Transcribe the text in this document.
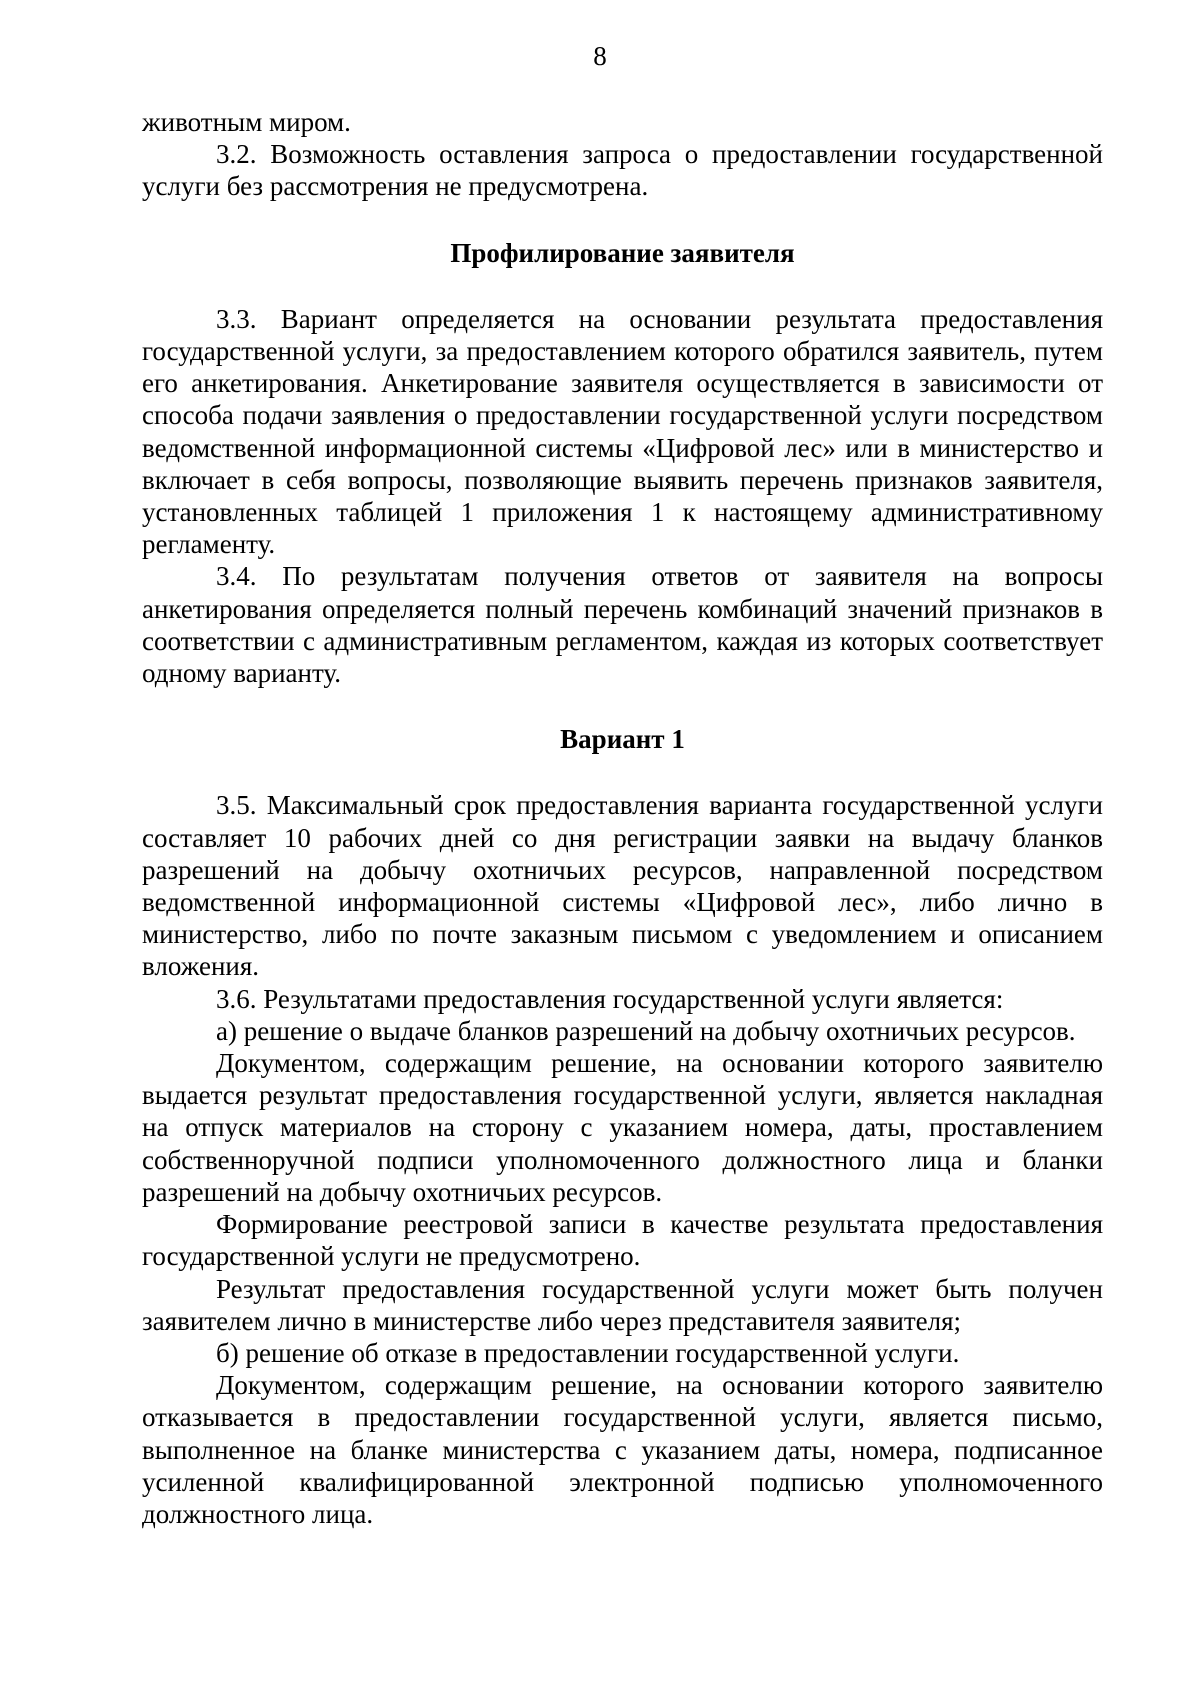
8

животным миром.

3.2. Возможность оставления запроса о предоставлении государственной услуги без рассмотрения не предусмотрена.

Профилирование заявителя

3.3. Вариант определяется на основании результата предоставления государственной услуги, за предоставлением которого обратился заявитель, путем его анкетирования. Анкетирование заявителя осуществляется в зависимости от способа подачи заявления о предоставлении государственной услуги посредством ведомственной информационной системы «Цифровой лес» или в министерство и включает в себя вопросы, позволяющие выявить перечень признаков заявителя, установленных таблицей 1 приложения 1 к настоящему административному регламенту.

3.4. По результатам получения ответов от заявителя на вопросы анкетирования определяется полный перечень комбинаций значений признаков в соответствии с административным регламентом, каждая из которых соответствует одному варианту.

Вариант 1

3.5. Максимальный срок предоставления варианта государственной услуги составляет 10 рабочих дней со дня регистрации заявки на выдачу бланков разрешений на добычу охотничьих ресурсов, направленной посредством ведомственной информационной системы «Цифровой лес», либо лично в министерство, либо по почте заказным письмом с уведомлением и описанием вложения.

3.6. Результатами предоставления государственной услуги является:

а) решение о выдаче бланков разрешений на добычу охотничьих ресурсов.

Документом, содержащим решение, на основании которого заявителю выдается результат предоставления государственной услуги, является накладная на отпуск материалов на сторону с указанием номера, даты, проставлением собственноручной подписи уполномоченного должностного лица и бланки разрешений на добычу охотничьих ресурсов.

Формирование реестровой записи в качестве результата предоставления государственной услуги не предусмотрено.

Результат предоставления государственной услуги может быть получен заявителем лично в министерстве либо через представителя заявителя;

б) решение об отказе в предоставлении государственной услуги.

Документом, содержащим решение, на основании которого заявителю отказывается в предоставлении государственной услуги, является письмо, выполненное на бланке министерства с указанием даты, номера, подписанное усиленной квалифицированной электронной подписью уполномоченного должностного лица.
